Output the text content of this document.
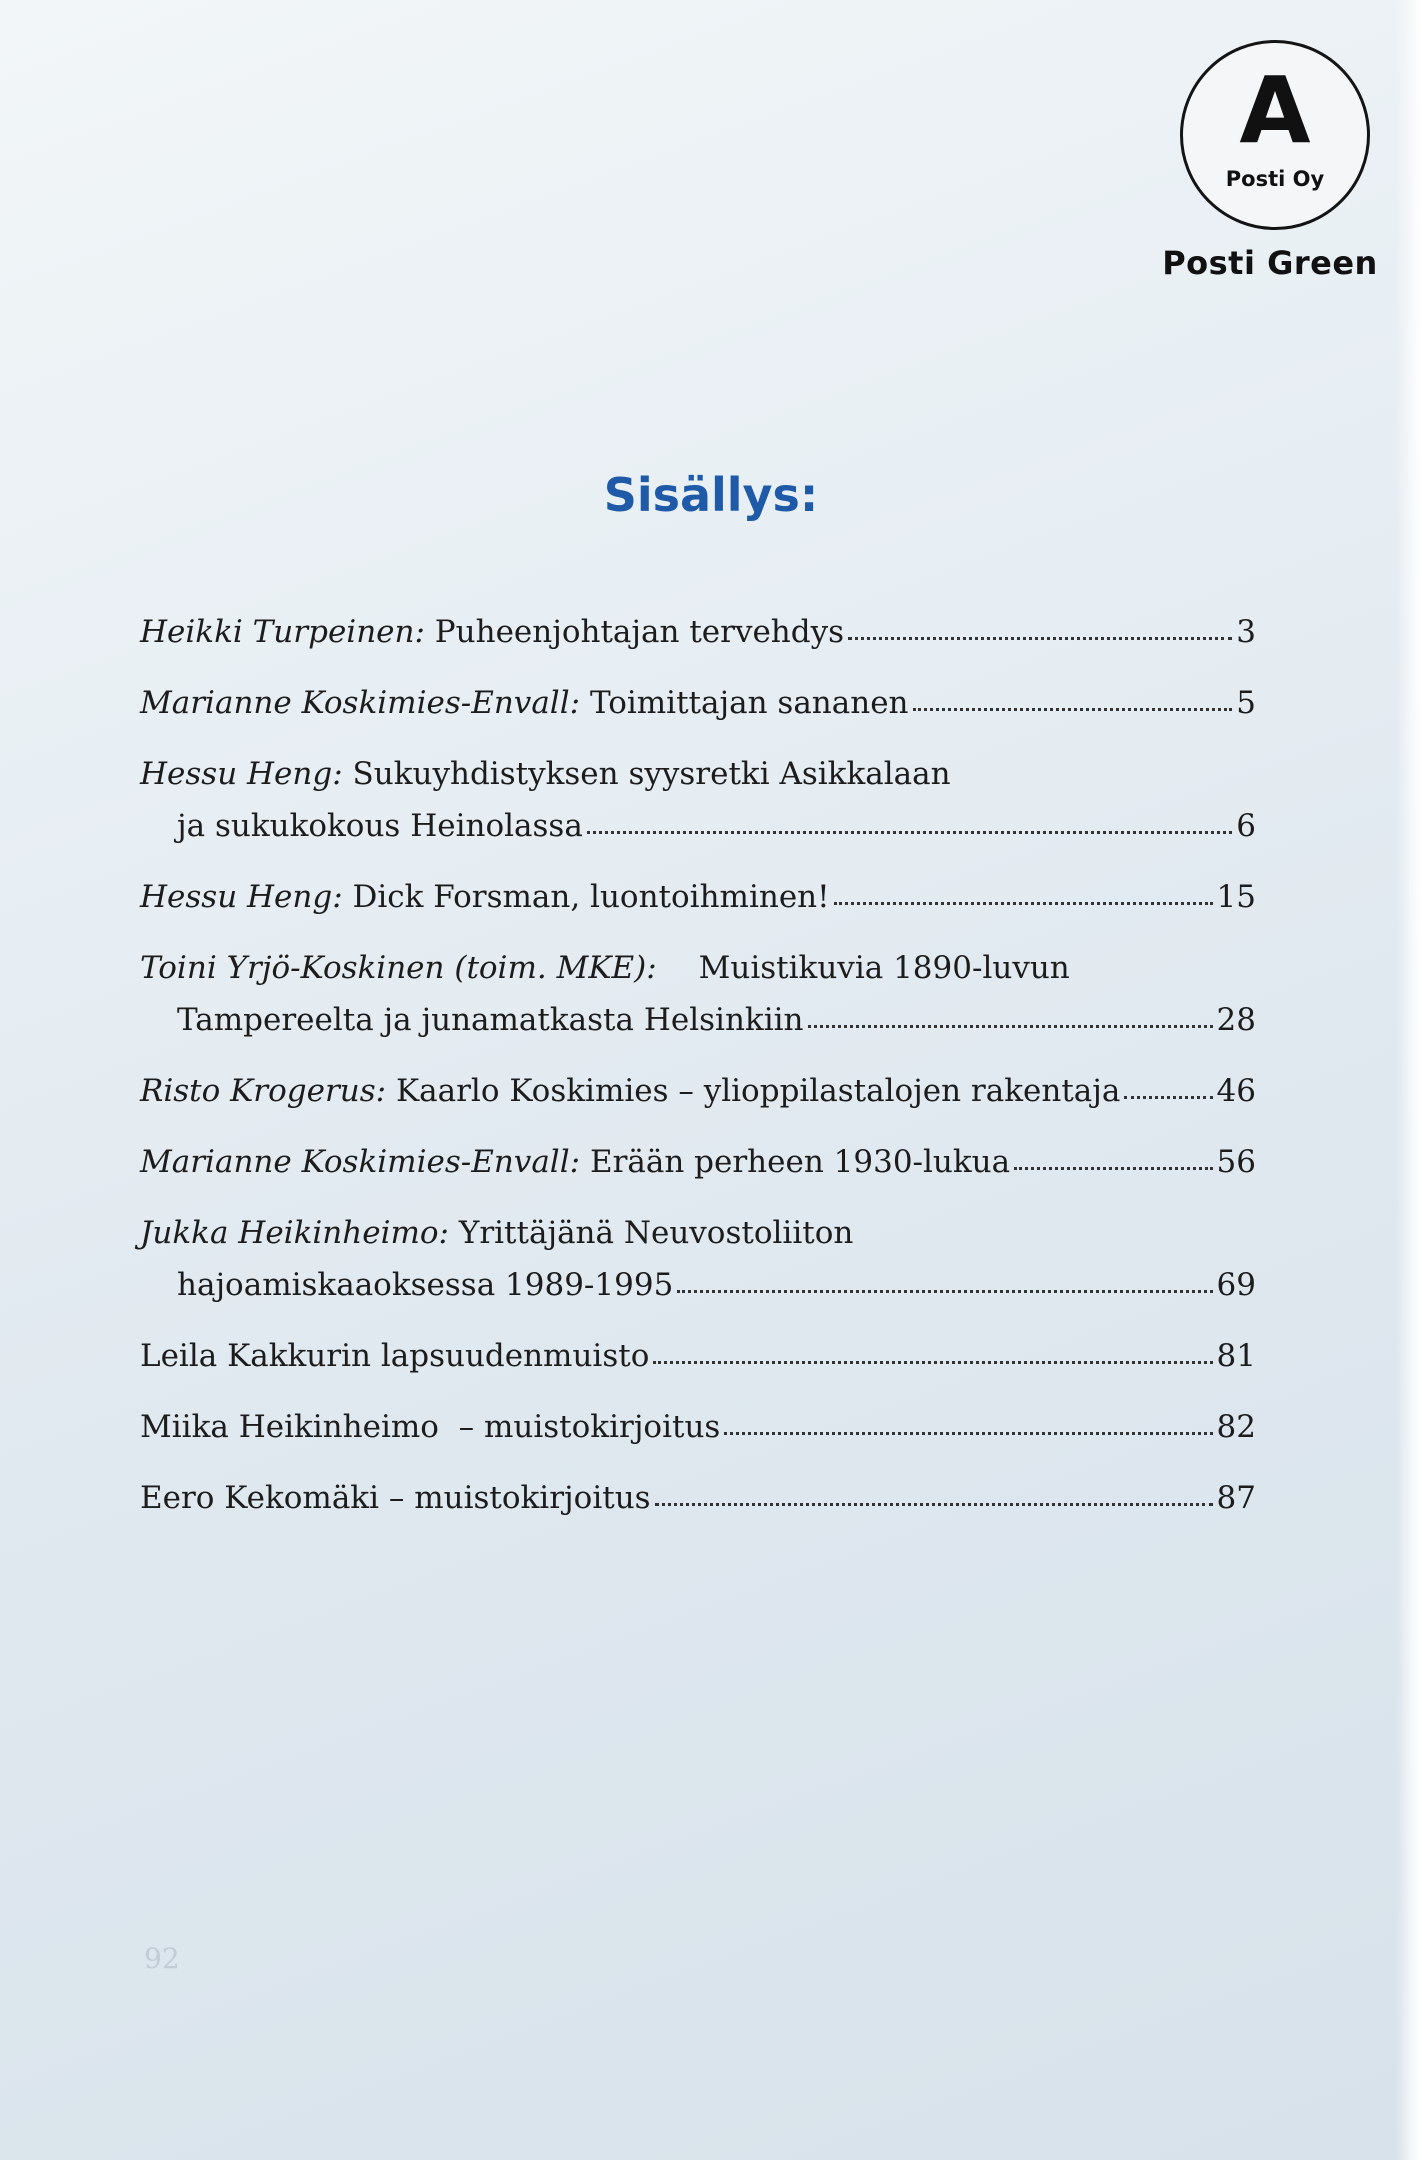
A
Posti Oy
Posti Green
Sisällys:
Heikki Turpeinen:
Puheenjohtajan tervehdys	3
Marianne Koskimies-Envall:
Toimittajan sananen	5
Hessu Heng:
Sukuyhdistyksen syysretki Asikkalaan
ja sukukokous Heinolassa	6
Hessu Heng:
Dick Forsman, luontoihminen!	15
Toini Yrjö-Koskinen (toim. MKE): Muistikuvia 1890-luvun
Tampereelta ja junamatkasta Helsinkiin	28
Risto Krogerus:
Kaarlo Koskimies – ylioppilastalojen rakentaja	46
Marianne Koskimies-Envall:
Erään perheen 1930-lukua	56
Jukka Heikinheimo:
Yrittäjänä Neuvostoliiton
hajoamiskaaoksessa 1989-1995	69
Leila Kakkurin lapsuudenmuisto	81
Miika Heikinheimo  – muistokirjoitus	82
Eero Kekomäki – muistokirjoitus	87
92
